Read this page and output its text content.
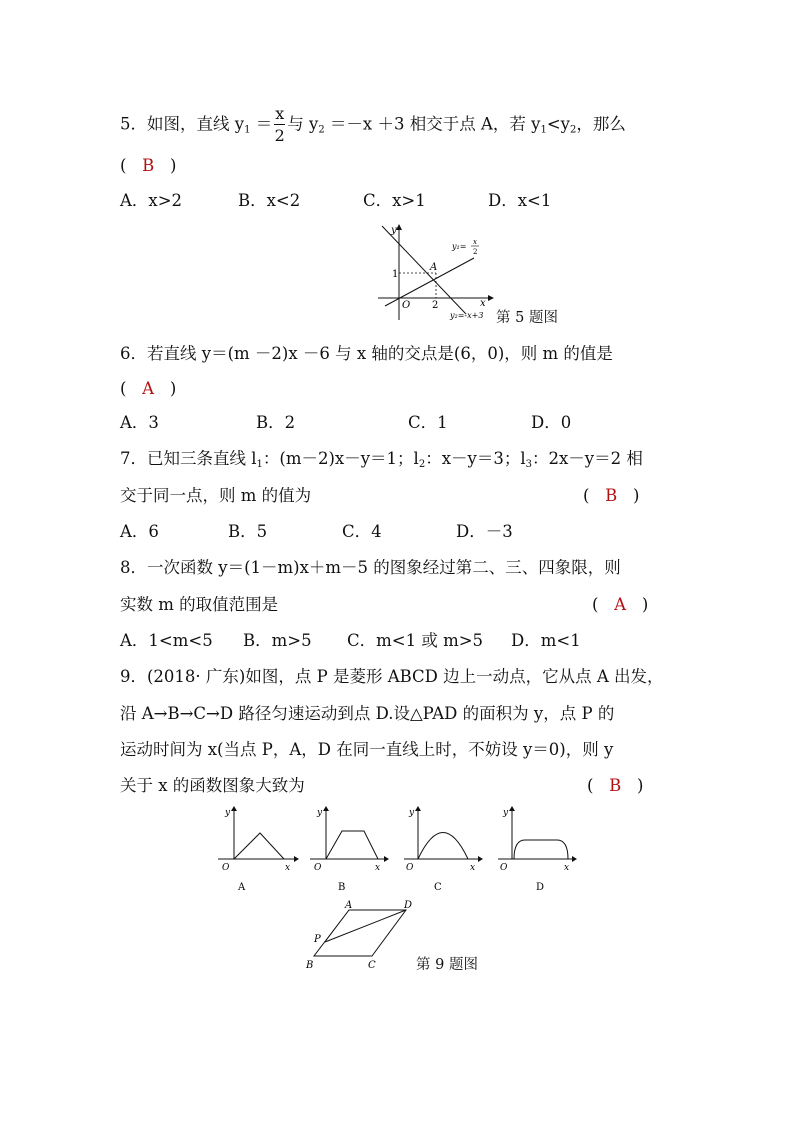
5．如图，直线 $y_1 = \frac{x}{2}$ 与 $y_2 =-x +3$ 相交于点 A，若 $y_1<y_2$，那么
(   B   )
A．x>2	B．x<2	C．x>1	D．x<1
y
x
O
1
2
A
y₁= x
2
y₂=-x+3 第 5 题图
6．若直线 y＝(m －2)x －6 与 x 轴的交点是(6，0)，则 m 的值是
(   A   )
A．3	B．2	C．1	D．0
7．已知三条直线 $l_1$：(m－2)x－y＝1；$l_2$：x－y＝3；$l_3$：2x－y＝2 相
交于同一点，则 m 的值为	(   B   )
A．6	B．5	C．4	D．－3
8．一次函数 y＝(1－m)x＋m－5 的图象经过第二、三、四象限，则
实数 m 的取值范围是	(   A   )
A．1<m<5 B．m>5 C．m<1 或 m>5 D．m<1
9．(2018· 广东)如图，点 P 是菱形 ABCD 边上一动点，它从点 A 出发，
沿 A→B→C→D 路径匀速运动到点 D.设△PAD 的面积为 y，点 P 的
运动时间为 x(当点 P，A，D 在同一直线上时，不妨设 y＝0)，则 y
关于 x 的函数图象大致为	(   B   )
y
x
O
A
y
x
O
B
y
x
O
C
y
x
O
D
A	D
C
B
P
第 9 题图
